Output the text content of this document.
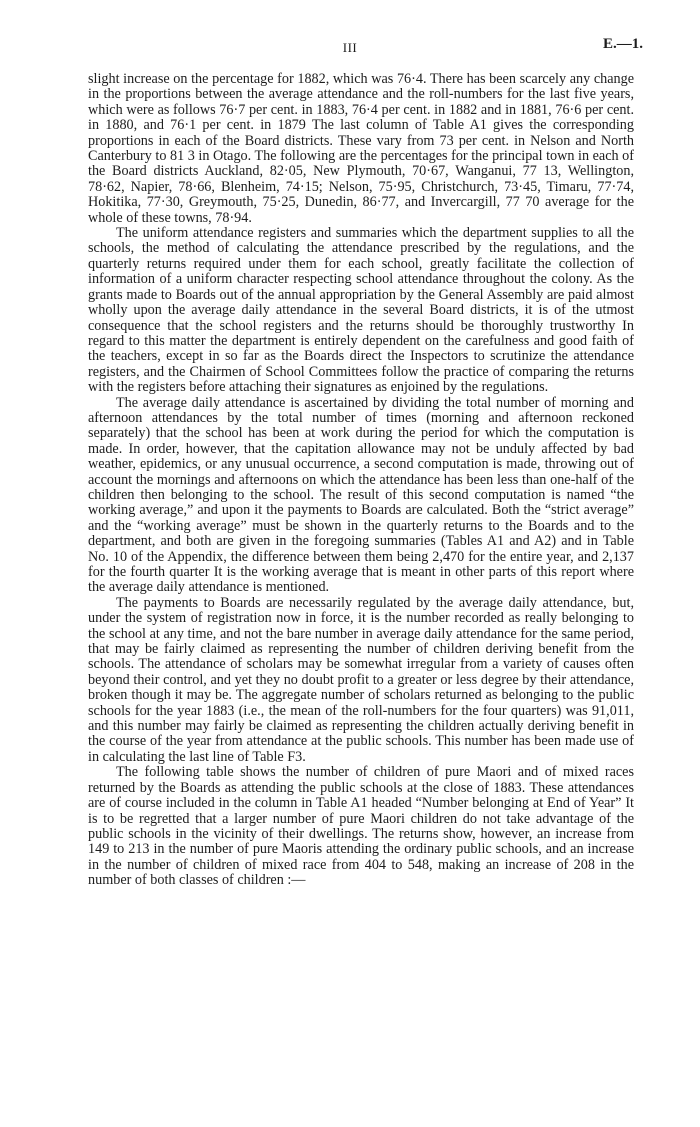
III	E.—1.

slight increase on the percentage for 1882, which was 76·4. There has been scarcely any change in the proportions between the average attendance and the roll-numbers for the last five years, which were as follows 76·7 per cent. in 1883, 76·4 per cent. in 1882 and in 1881, 76·6 per cent. in 1880, and 76·1 per cent. in 1879 The last column of Table A1 gives the corresponding proportions in each of the Board districts. These vary from 73 per cent. in Nelson and North Canterbury to 81 3 in Otago. The following are the percentages for the principal town in each of the Board districts Auckland, 82·05, New Plymouth, 70·67, Wanganui, 77 13, Wellington, 78·62, Napier, 78·66, Blenheim, 74·15; Nelson, 75·95, Christchurch, 73·45, Timaru, 77·74, Hokitika, 77·30, Greymouth, 75·25, Dunedin, 86·77, and Invercargill, 77 70 average for the whole of these towns, 78·94.

The uniform attendance registers and summaries which the department supplies to all the schools, the method of calculating the attendance prescribed by the regulations, and the quarterly returns required under them for each school, greatly facilitate the collection of information of a uniform character respecting school attendance throughout the colony. As the grants made to Boards out of the annual appropriation by the General Assembly are paid almost wholly upon the average daily attendance in the several Board districts, it is of the utmost consequence that the school registers and the returns should be thoroughly trustworthy In regard to this matter the department is entirely dependent on the carefulness and good faith of the teachers, except in so far as the Boards direct the Inspectors to scrutinize the attendance registers, and the Chairmen of School Committees follow the practice of comparing the returns with the registers before attaching their signatures as enjoined by the regulations.

The average daily attendance is ascertained by dividing the total number of morning and afternoon attendances by the total number of times (morning and afternoon reckoned separately) that the school has been at work during the period for which the computation is made. In order, however, that the capitation allowance may not be unduly affected by bad weather, epidemics, or any unusual occurrence, a second computation is made, throwing out of account the mornings and afternoons on which the attendance has been less than one-half of the children then belonging to the school. The result of this second computation is named “the working average,” and upon it the payments to Boards are calculated. Both the “strict average” and the “working average” must be shown in the quarterly returns to the Boards and to the department, and both are given in the foregoing summaries (Tables A1 and A2) and in Table No. 10 of the Appendix, the difference between them being 2,470 for the entire year, and 2,137 for the fourth quarter It is the working average that is meant in other parts of this report where the average daily attendance is mentioned.

The payments to Boards are necessarily regulated by the average daily attendance, but, under the system of registration now in force, it is the number recorded as really belonging to the school at any time, and not the bare number in average daily attendance for the same period, that may be fairly claimed as representing the number of children deriving benefit from the schools. The attendance of scholars may be somewhat irregular from a variety of causes often beyond their control, and yet they no doubt profit to a greater or less degree by their attendance, broken though it may be. The aggregate number of scholars returned as belonging to the public schools for the year 1883 (i.e., the mean of the roll-numbers for the four quarters) was 91,011, and this number may fairly be claimed as representing the children actually deriving benefit in the course of the year from attendance at the public schools. This number has been made use of in calculating the last line of Table F3.

The following table shows the number of children of pure Maori and of mixed races returned by the Boards as attending the public schools at the close of 1883. These attendances are of course included in the column in Table A1 headed “Number belonging at End of Year” It is to be regretted that a larger number of pure Maori children do not take advantage of the public schools in the vicinity of their dwellings. The returns show, however, an increase from 149 to 213 in the number of pure Maoris attending the ordinary public schools, and an increase in the number of children of mixed race from 404 to 548, making an increase of 208 in the number of both classes of children :—
